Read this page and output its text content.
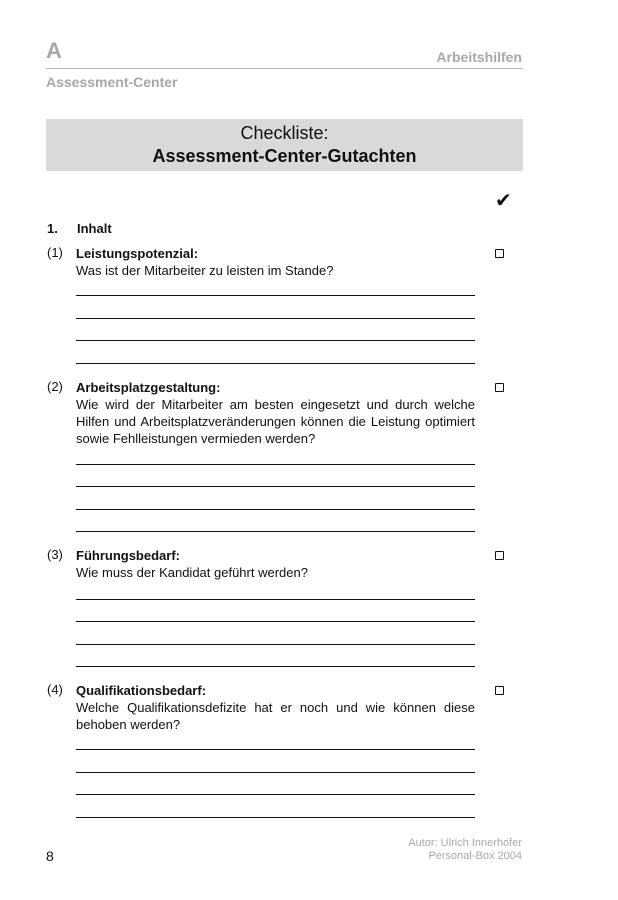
A	Arbeitshilfen
Assessment-Center
Checkliste:
Assessment-Center-Gutachten
✔
1. Inhalt
(1) Leistungspotenzial:
Was ist der Mitarbeiter zu leisten im Stande?
(2) Arbeitsplatzgestaltung:
Wie wird der Mitarbeiter am besten eingesetzt und durch welche Hilfen und Arbeitsplatzveränderungen können die Leistung optimiert sowie Fehlleistungen vermieden werden?
(3) Führungsbedarf:
Wie muss der Kandidat geführt werden?
(4) Qualifikationsbedarf:
Welche Qualifikationsdefizite hat er noch und wie können diese behoben werden?
8
Autor: Ulrich Innerhofer
Personal-Box 2004
